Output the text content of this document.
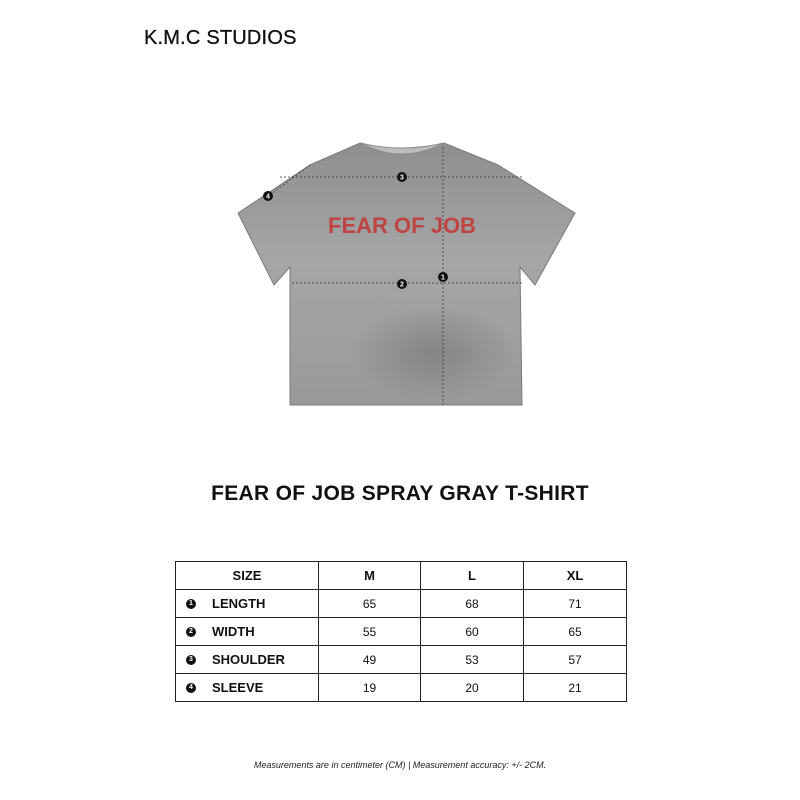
K.M.C STUDIOS
FEAR OF JOB
1
2
3
4
FEAR OF JOB SPRAY GRAY T-SHIRT
SIZE	M	L	XL
1 LENGTH	65	68	71
2 WIDTH	55	60	65
3 SHOULDER	49	53	57
4 SLEEVE	19	20	21
Measurements are in centimeter (CM) | Measurement accuracy: +/- 2CM.
